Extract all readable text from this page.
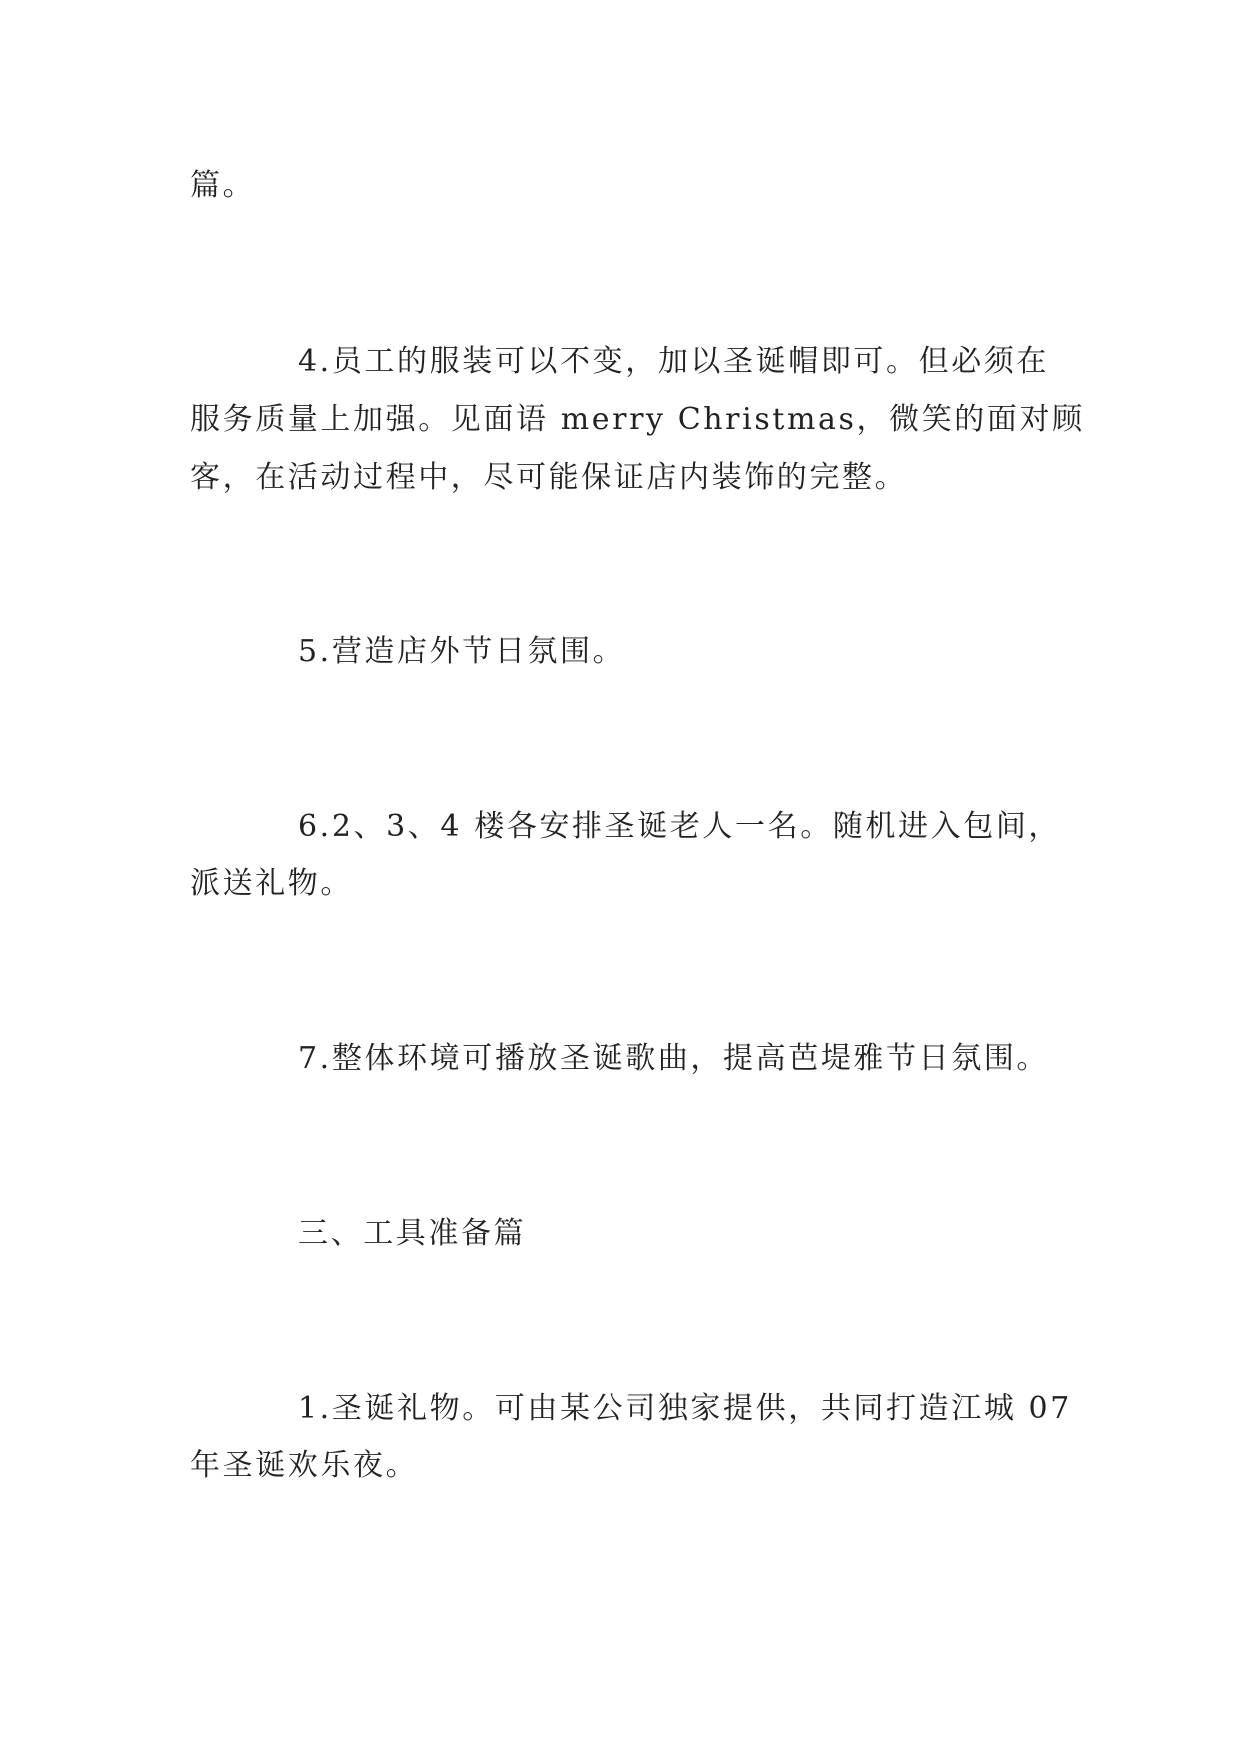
篇。
4.员工的服装可以不变，加以圣诞帽即可。但必须在
服务质量上加强。见面语 merry Christmas，微笑的面对顾
客，在活动过程中，尽可能保证店内装饰的完整。
5.营造店外节日氛围。
6.2、3、4 楼各安排圣诞老人一名。随机进入包间，
派送礼物。
7.整体环境可播放圣诞歌曲，提高芭堤雅节日氛围。
三、工具准备篇
1.圣诞礼物。可由某公司独家提供，共同打造江城 07
年圣诞欢乐夜。
